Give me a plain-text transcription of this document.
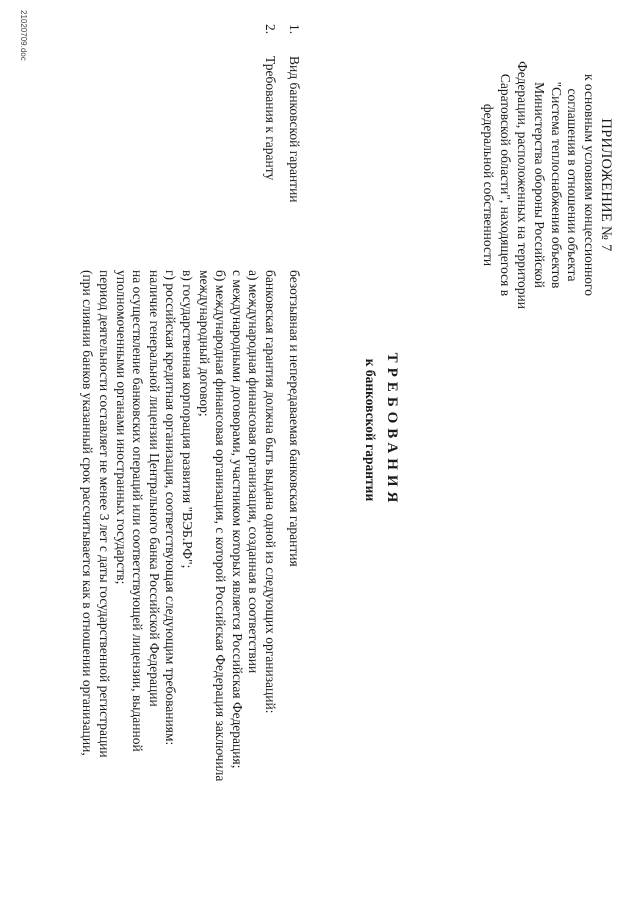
ПРИЛОЖЕНИЕ № 7
к основным условиям концессионного
соглашения в отношении объекта
"Система теплоснабжения объектов
Министерства обороны Российской
Федерации, расположенных на территории
Саратовской области", находящегося в
федеральной собственности
ТРЕБОВАНИЯ
к банковской гарантии
1.
Вид банковской гарантии

безотзывная и непередаваемая банковская гарантия

2.
Требования к гаранту

банковская гарантия должна быть выдана одной из следующих организаций:

а) международная финансовая организация, созданная в соответствии

с международными договорами, участником которых является Российская Федерация;

б) международная финансовая организация, с которой Российская Федерация заключила

международный договор;

в) государственная корпорация развития "ВЭБ.РФ";

г) российская кредитная организация, соответствующая следующим требованиям:

наличие генеральной лицензии Центрального банка Российской Федерации

на осуществление банковских операций или соответствующей лицензии, выданной

уполномоченными органами иностранных государств;

период деятельности составляет не менее 3 лет с даты государственной регистрации

(при слиянии банков указанный срок рассчитывается как в отношении организации,

21020709.doc
